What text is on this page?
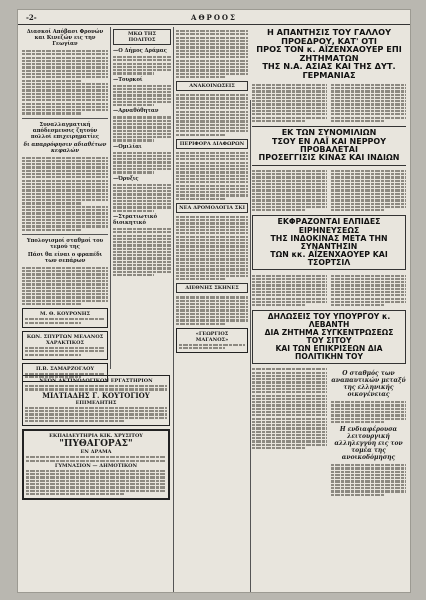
-2-	ΑΘΡΟΟΣ
Διασκοί Απόβασι Φρονών και Κινεζών εις την Γεωγίαν
Συναλλαγματική απόδεσμευσις ζητούν πολλοί επιχειρηματίες
δι απαρρόφησιν αδιαθέτων κεφαλών
Υπολογισμοί σταθμοί του τεμού της
Πάσι θα είναι ο φραπέδι των σεπάρων
Μ. Θ. ΚΟΥΡΟΝΗΣ
ΚΩΝ. ΣΠΥΡΤΩΝ ΜΕΛΑΝΟΣ
ΧΑΡΑΚΤΙΚΟΣ
Π.Β. ΣΑΜΑΡΖΟΓΛΟΥ
ΝΕΟΝ ΑΚΤΙΝΟΛΟΓΙΚΟΝ ΕΡΓΑΣΤΗΡΙΟΝ
ΜΙΛΤΙΑΔΗΣ Γ. ΚΟΥΤΟΓΙΟΥ
ΕΠΙΜΕΛΗΤΗΣ
ΕΚΠΑΙΔΕΥΤΗΡΙΑ ΚΙΚ. ΧΡΥΣΙΤΟΥ
"ΠΥΘΑΓΟΡΑΣ"
ΕΝ ΔΡΑΜΑ
ΓΥΜΝΑΣΙΟΝ — ΔΗΜΟΤΙΚΟΝ
ΜΚΩ ΤΗΣ ΠΟΛΙΤΟΣ
—Ο Δήμος Δράμας
—Τουρκοί
—Αρναθόθηταν
—Ομιλίαι
—Όρυξις
—Στρατιωτικό διοικητικό
ΑΝΑΚΟΙΝΩΣΕΙΣ
ΠΕΡΙΦΟΡΑ ΔΙΑΦΩΡΩΝ
ΝΕΑ ΔΡΟΜΟΛΟΓΙΑ ΣΚΙ
ΔΙΕΘΝΗΣ ΣΚΗΝΕΣ
«ΓΕΩΡΓΙΟΣ ΜΑΓΑΝΟΣ»
Η ΑΠΑΝΤΗΣΙΣ ΤΟΥ ΓΑΛΛΟΥ ΠΡΟΕΔΡΟΥ, ΚΑΤ' ΟΤΙ
ΠΡΟΣ ΤΟΝ κ. ΑΪΖΕΝΧΑΟΥΕΡ ΕΠΙ ΖΗΤΗΜΑΤΩΝ
ΤΗΣ Ν.Α. ΑΣΙΑΣ ΚΑΙ ΤΗΣ ΔΥΤ. ΓΕΡΜΑΝΙΑΣ
ΕΚ ΤΩΝ ΣΥΝΟΜΙΛΙΩΝ
ΤΣΟΥ ΕΝ ΛΑΪ ΚΑΙ ΝΕΡΡΟΥ ΠΡΟΒΑΛΕΤΑΙ
ΠΡΟΣΕΓΓΙΣΙΣ ΚΙΝΑΣ ΚΑΙ ΙΝΔΙΩΝ
ΕΚΦΡΑΖΟΝΤΑΙ ΕΛΠΙΔΕΣ ΕΙΡΗΝΕΥΣΕΩΣ
ΤΗΣ ΙΝΔΟΚΙΝΑΣ ΜΕΤΑ ΤΗΝ ΣΥΝΑΝΤΗΣΙΝ
ΤΩΝ κκ. ΑΪΖΕΝΧΑΟΥΕΡ ΚΑΙ ΤΣΟΡΤΣΙΛ
ΔΗΛΩΣΕΙΣ ΤΟΥ ΥΠΟΥΡΓΟΥ κ. ΛΕΒΑΝΤΗ
ΔΙΑ ΖΗΤΗΜΑ ΣΥΓΚΕΝΤΡΩΣΕΩΣ ΤΟΥ ΣΙΤΟΥ
ΚΑΙ ΤΩΝ ΕΠΙΚΡΙΣΕΩΝ ΔΙΑ ΠΟΛΙΤΙΚΗΝ ΤΟΥ
Ο σταθμός των αναπαυτικών μεταξύ της ελληνικής οικογένειας
Η ενδιαφέρουσα λειτουργική αλληλεγγύη εις τον τομέα της ανοικοδόμησης
